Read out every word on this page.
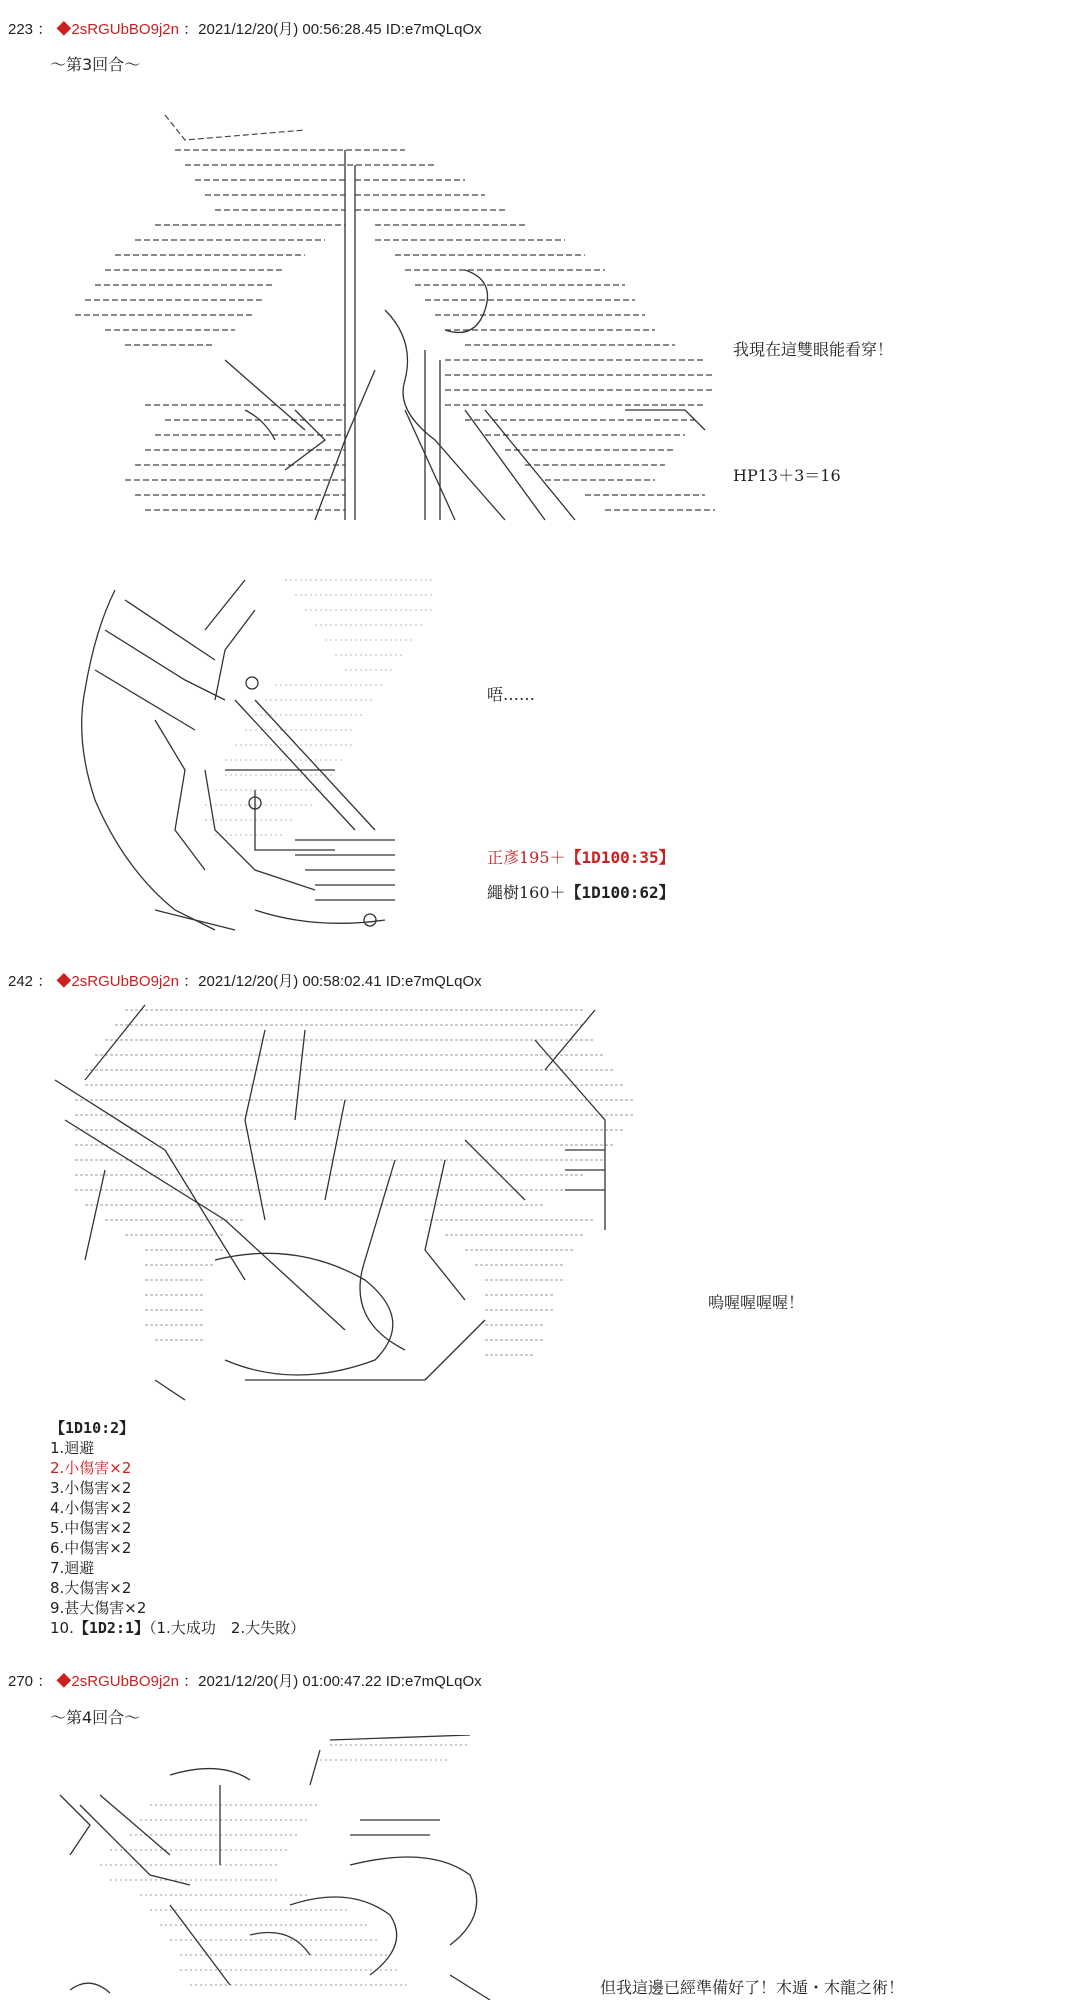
223 ： ◆2sRGUbBO9j2n ：2021/12/20(月) 00:56:28.45 ID:e7mQLqOx
～第3回合～
我現在這雙眼能看穿！
HP13＋3＝16
唔……
正彥195＋【1D100:35】
繩樹160＋【1D100:62】
242 ： ◆2sRGUbBO9j2n ：2021/12/20(月) 00:58:02.41 ID:e7mQLqOx
嗚喔喔喔喔！
【1D10:2】
1.迴避
2.小傷害×2
3.小傷害×2
4.小傷害×2
5.中傷害×2
6.中傷害×2
7.迴避
8.大傷害×2
9.甚大傷害×2
10.【1D2:1】（1.大成功　2.大失敗）
270 ： ◆2sRGUbBO9j2n ：2021/12/20(月) 01:00:47.22 ID:e7mQLqOx
～第4回合～
但我這邊已經準備好了！木遁・木龍之術！
